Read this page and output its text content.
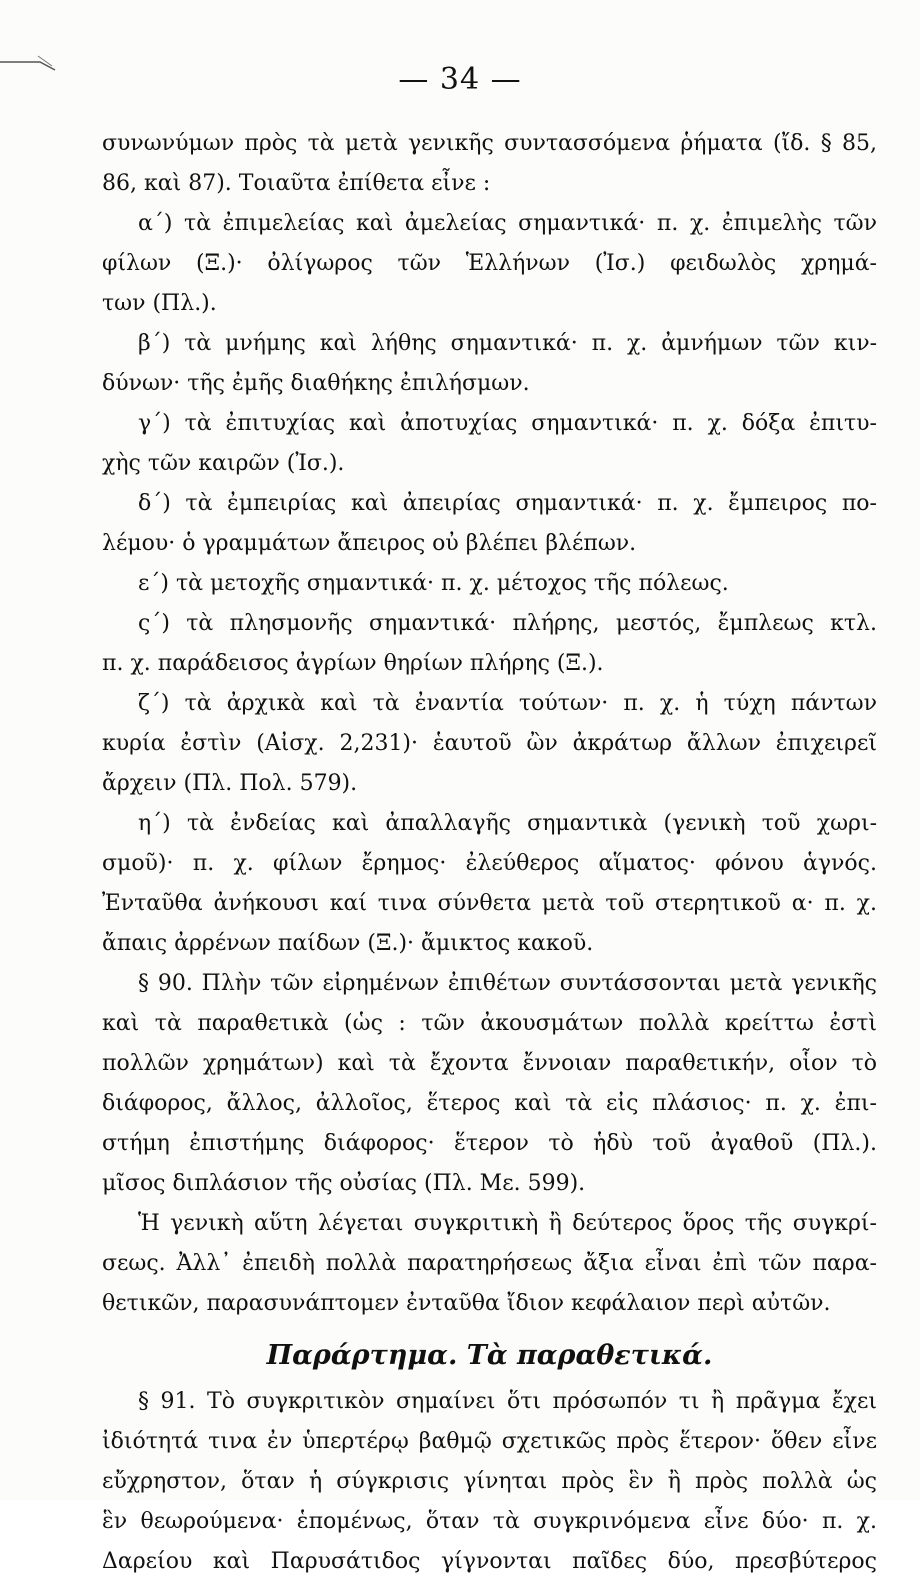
— 34 —
συνωνύμων πρὸς τὰ μετὰ γενικῆς συντασσόμενα ῥήματα (ἴδ. § 85,
86, καὶ 87). Τοιαῦτα ἐπίθετα εἶνε :
α΄) τὰ ἐπιμελείας καὶ ἀμελείας σημαντικά· π. χ. ἐπιμελὴς τῶν
φίλων (Ξ.)· ὀλίγωρος τῶν Ἑλλήνων (Ἰσ.) φειδωλὸς χρημά-
των (Πλ.).
β΄) τὰ μνήμης καὶ λήθης σημαντικά· π. χ. ἀμνήμων τῶν κιν-
δύνων· τῆς ἐμῆς διαθήκης ἐπιλήσμων.
γ΄) τὰ ἐπιτυχίας καὶ ἀποτυχίας σημαντικά· π. χ. δόξα ἐπιτυ-
χὴς τῶν καιρῶν (Ἰσ.).
δ΄) τὰ ἐμπειρίας καὶ ἀπειρίας σημαντικά· π. χ. ἔμπειρος πο-
λέμου· ὁ γραμμάτων ἄπειρος οὐ βλέπει βλέπων.
ε΄) τὰ μετοχῆς σημαντικά· π. χ. μέτοχος τῆς πόλεως.
ς΄) τὰ πλησμονῆς σημαντικά· πλήρης, μεστός, ἔμπλεως κτλ.
π. χ. παράδεισος ἀγρίων θηρίων πλήρης (Ξ.).
ζ΄) τὰ ἀρχικὰ καὶ τὰ ἐναντία τούτων· π. χ. ἡ τύχη πάντων
κυρία ἐστὶν (Αἰσχ. 2,231)· ἑαυτοῦ ὢν ἀκράτωρ ἄλλων ἐπιχειρεῖ
ἄρχειν (Πλ. Πολ. 579).
η΄) τὰ ἐνδείας καὶ ἀπαλλαγῆς σημαντικὰ (γενικὴ τοῦ χωρι-
σμοῦ)· π. χ. φίλων ἔρημος· ἐλεύθερος αἵματος· φόνου ἁγνός.
Ἐνταῦθα ἀνήκουσι καί τινα σύνθετα μετὰ τοῦ στερητικοῦ α· π. χ.
ἄπαις ἀρρένων παίδων (Ξ.)· ἄμικτος κακοῦ.
§ 90. Πλὴν τῶν εἰρημένων ἐπιθέτων συντάσσονται μετὰ γενικῆς
καὶ τὰ παραθετικὰ (ὡς : τῶν ἀκουσμάτων πολλὰ κρείττω ἐστὶ
πολλῶν χρημάτων) καὶ τὰ ἔχοντα ἔννοιαν παραθετικήν, οἷον τὸ
διάφορος, ἄλλος, ἀλλοῖος, ἕτερος καὶ τὰ εἰς πλάσιος· π. χ. ἐπι-
στήμη ἐπιστήμης διάφορος· ἕτερον τὸ ἡδὺ τοῦ ἀγαθοῦ (Πλ.).
μῖσος διπλάσιον τῆς οὐσίας (Πλ. Με. 599).
Ἡ γενικὴ αὕτη λέγεται συγκριτικὴ ἢ δεύτερος ὅρος τῆς συγκρί-
σεως. Ἀλλ᾽ ἐπειδὴ πολλὰ παρατηρήσεως ἄξια εἶναι ἐπὶ τῶν παρα-
θετικῶν, παρασυνάπτομεν ἐνταῦθα ἴδιον κεφάλαιον περὶ αὐτῶν.
Παράρτημα. Τὰ παραθετικά.
§ 91. Τὸ συγκριτικὸν σημαίνει ὅτι πρόσωπόν τι ἢ πρᾶγμα ἔχει
ἰδιότητά τινα ἐν ὑπερτέρῳ βαθμῷ σχετικῶς πρὸς ἕτερον· ὅθεν εἶνε
εὔχρηστον, ὅταν ἡ σύγκρισις γίνηται πρὸς ἓν ἢ πρὸς πολλὰ ὡς
ἓν θεωρούμενα· ἑπομένως, ὅταν τὰ συγκρινόμενα εἶνε δύο· π. χ.
Δαρείου καὶ Παρυσάτιδος γίγνονται παῖδες δύο, πρεσβύτερος
